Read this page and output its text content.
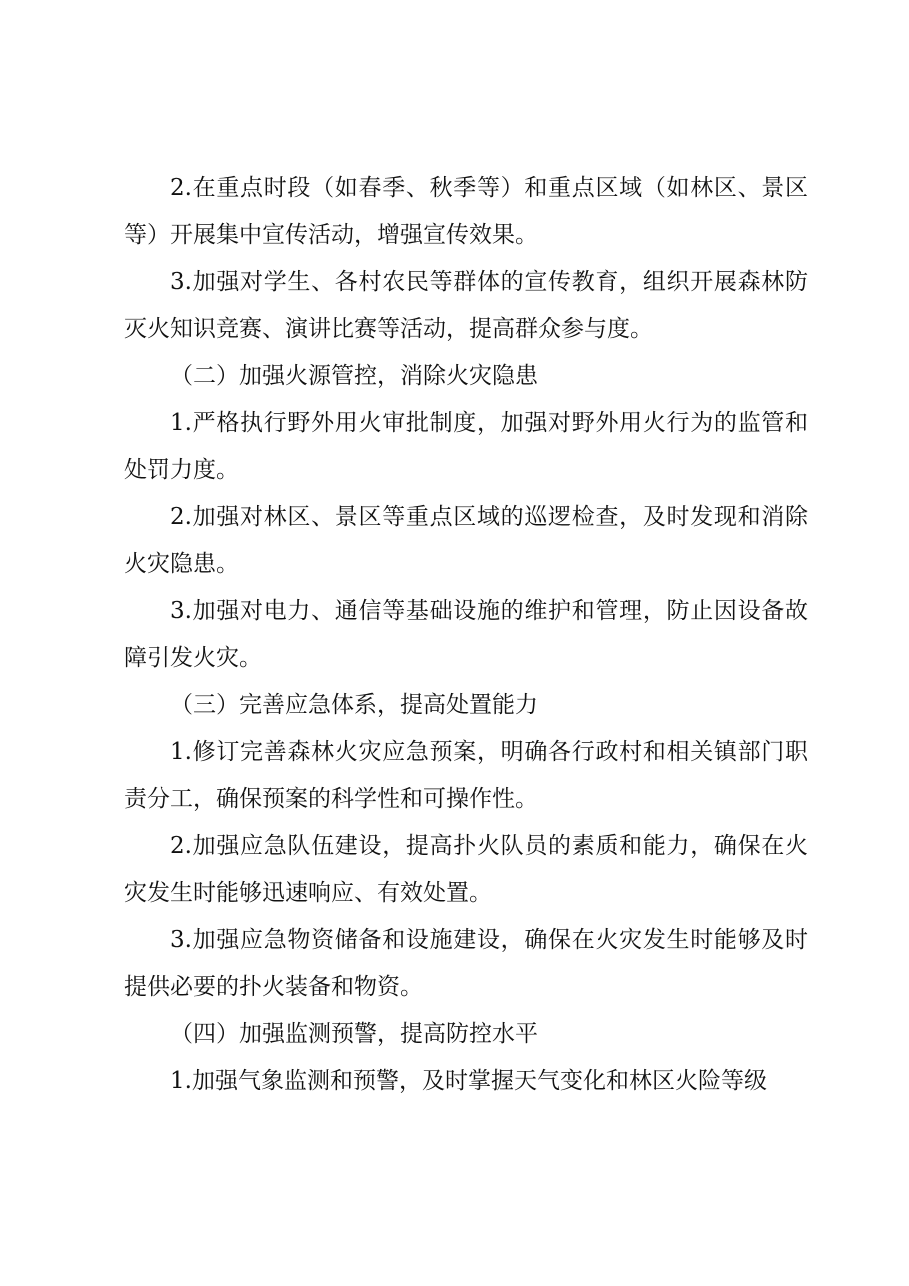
2.在重点时段（如春季、秋季等）和重点区域（如林区、景区等）开展集中宣传活动，增强宣传效果。

3.加强对学生、各村农民等群体的宣传教育，组织开展森林防灭火知识竞赛、演讲比赛等活动，提高群众参与度。

（二）加强火源管控，消除火灾隐患

1.严格执行野外用火审批制度，加强对野外用火行为的监管和处罚力度。

2.加强对林区、景区等重点区域的巡逻检查，及时发现和消除火灾隐患。

3.加强对电力、通信等基础设施的维护和管理，防止因设备故障引发火灾。

（三）完善应急体系，提高处置能力

1.修订完善森林火灾应急预案，明确各行政村和相关镇部门职责分工，确保预案的科学性和可操作性。

2.加强应急队伍建设，提高扑火队员的素质和能力，确保在火灾发生时能够迅速响应、有效处置。

3.加强应急物资储备和设施建设，确保在火灾发生时能够及时提供必要的扑火装备和物资。

（四）加强监测预警，提高防控水平

1.加强气象监测和预警，及时掌握天气变化和林区火险等级
